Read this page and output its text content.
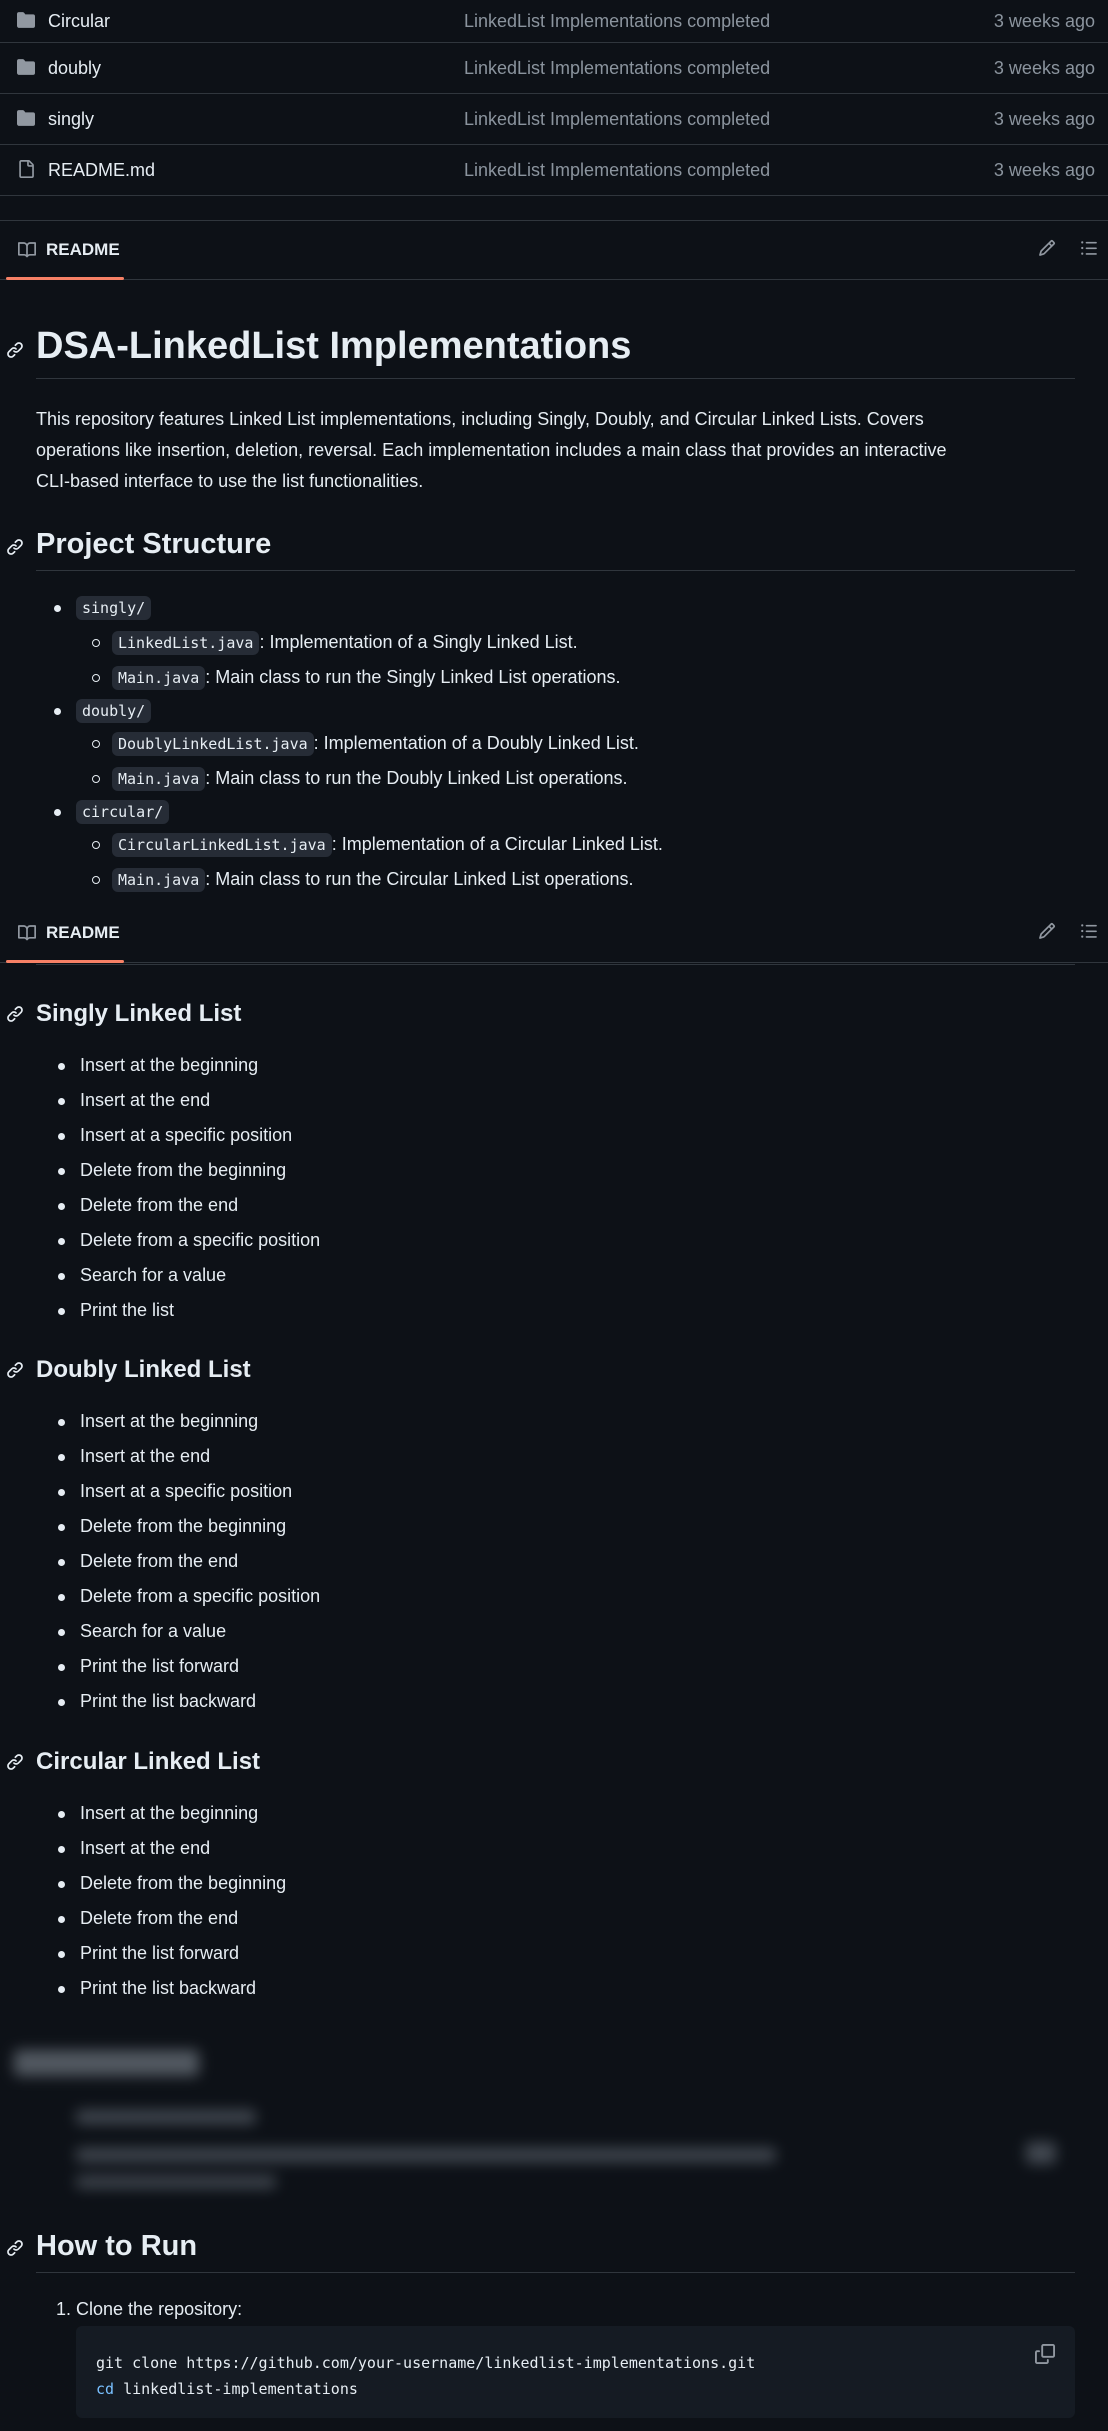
Circular	LinkedList Implementations completed	3 weeks ago
doubly	LinkedList Implementations completed	3 weeks ago
singly	LinkedList Implementations completed	3 weeks ago
README.md	LinkedList Implementations completed	3 weeks ago
README
DSA-LinkedList Implementations
This repository features Linked List implementations, including Singly, Doubly, and Circular Linked Lists. Covers
operations like insertion, deletion, reversal. Each implementation includes a main class that provides an interactive
CLI-based interface to use the list functionalities.
Project Structure
singly/
LinkedList.java : Implementation of a Singly Linked List.
Main.java : Main class to run the Singly Linked List operations.
doubly/
DoublyLinkedList.java : Implementation of a Doubly Linked List.
Main.java : Main class to run the Doubly Linked List operations.
circular/
CircularLinkedList.java : Implementation of a Circular Linked List.
Main.java : Main class to run the Circular Linked List operations.
README
Singly Linked List
Insert at the beginning
Insert at the end
Insert at a specific position
Delete from the beginning
Delete from the end
Delete from a specific position
Search for a value
Print the list
Doubly Linked List
Insert at the beginning
Insert at the end
Insert at a specific position
Delete from the beginning
Delete from the end
Delete from a specific position
Search for a value
Print the list forward
Print the list backward
Circular Linked List
Insert at the beginning
Insert at the end
Delete from the beginning
Delete from the end
Print the list forward
Print the list backward
How to Run
1. Clone the repository:
git clone https://github.com/your-username/linkedlist-implementations.git
cd linkedlist-implementations
